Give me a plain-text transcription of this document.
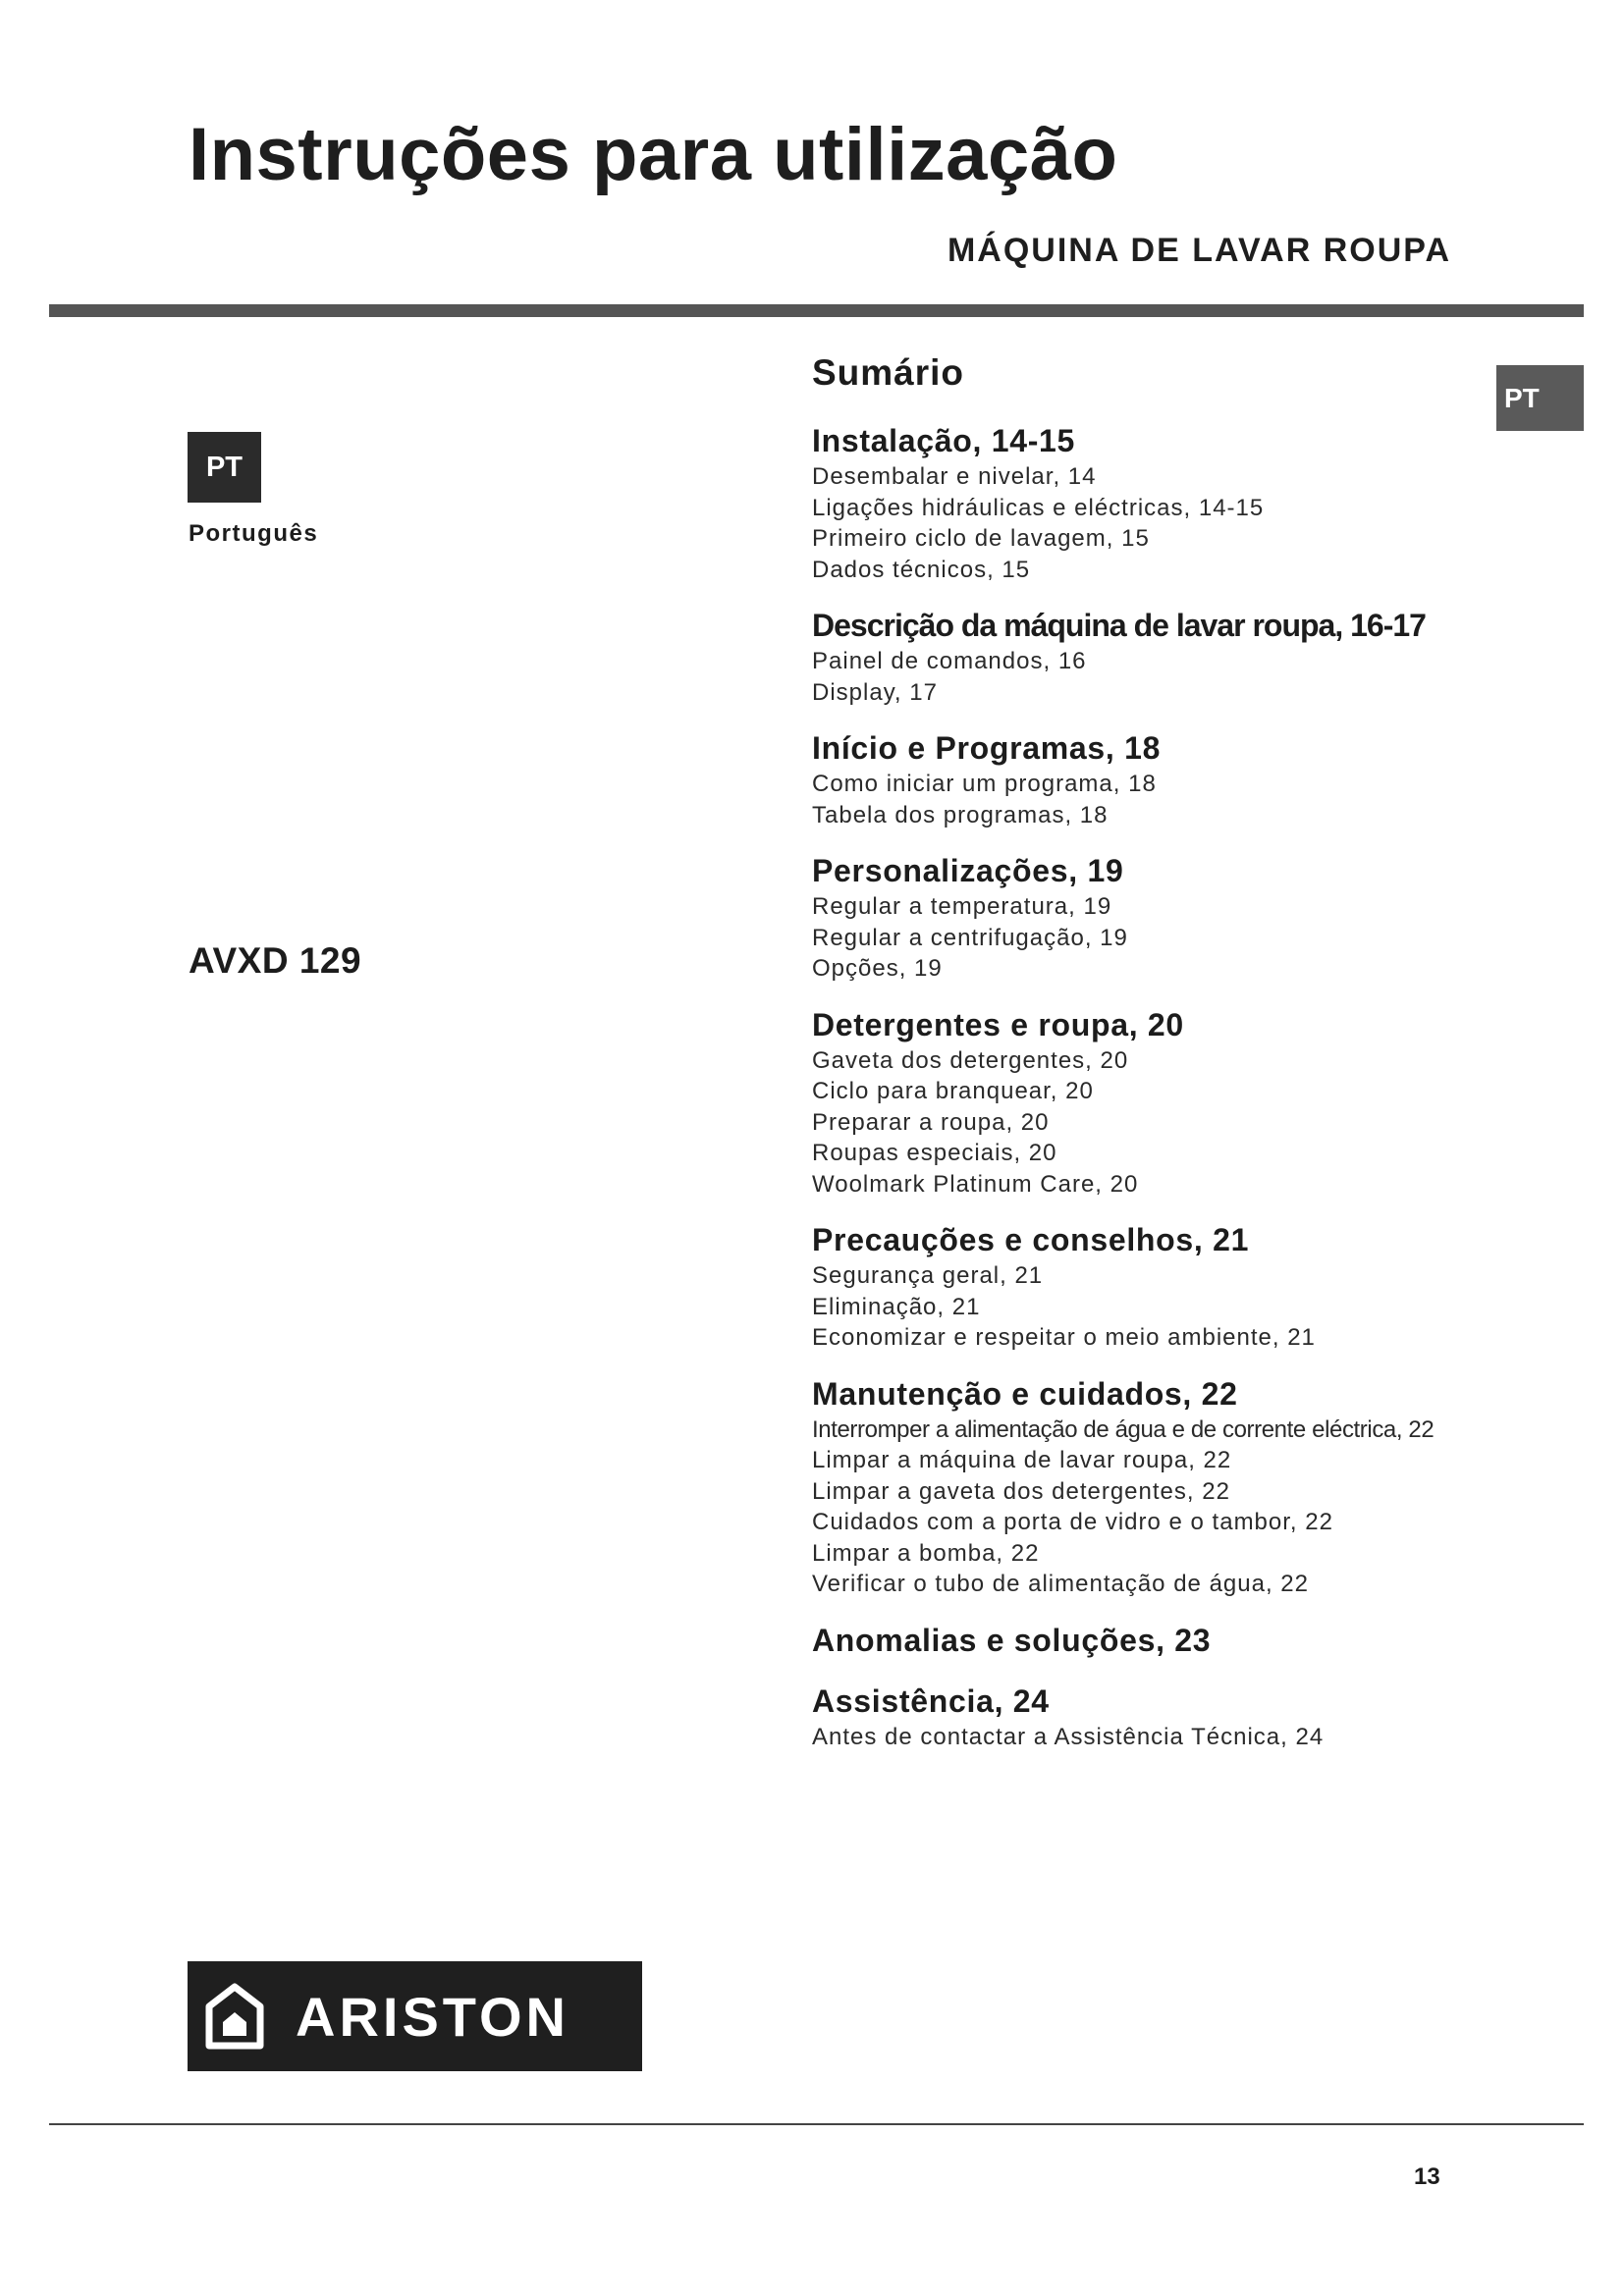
Instruções para utilização
MÁQUINA DE LAVAR ROUPA
PT
Português
PT
AVXD 129
Sumário
Instalação, 14-15
Desembalar e nivelar, 14
Ligações hidráulicas e eléctricas, 14-15
Primeiro ciclo de lavagem, 15
Dados técnicos, 15
Descrição da máquina de lavar roupa, 16-17
Painel de comandos, 16
Display, 17
Início e Programas, 18
Como iniciar um programa, 18
Tabela dos programas, 18
Personalizações, 19
Regular a temperatura, 19
Regular a centrifugação, 19
Opções, 19
Detergentes e roupa, 20
Gaveta dos detergentes, 20
Ciclo para branquear, 20
Preparar a roupa, 20
Roupas especiais, 20
Woolmark Platinum Care, 20
Precauções e conselhos, 21
Segurança geral, 21
Eliminação, 21
Economizar e respeitar o meio ambiente, 21
Manutenção e cuidados, 22
Interromper a alimentação de água e de corrente eléctrica, 22
Limpar a máquina de lavar roupa, 22
Limpar a gaveta dos detergentes, 22
Cuidados com a porta de vidro e o tambor, 22
Limpar a bomba, 22
Verificar o tubo de alimentação de água, 22
Anomalias e soluções, 23
Assistência, 24
Antes de contactar a Assistência Técnica, 24
ARISTON
13
